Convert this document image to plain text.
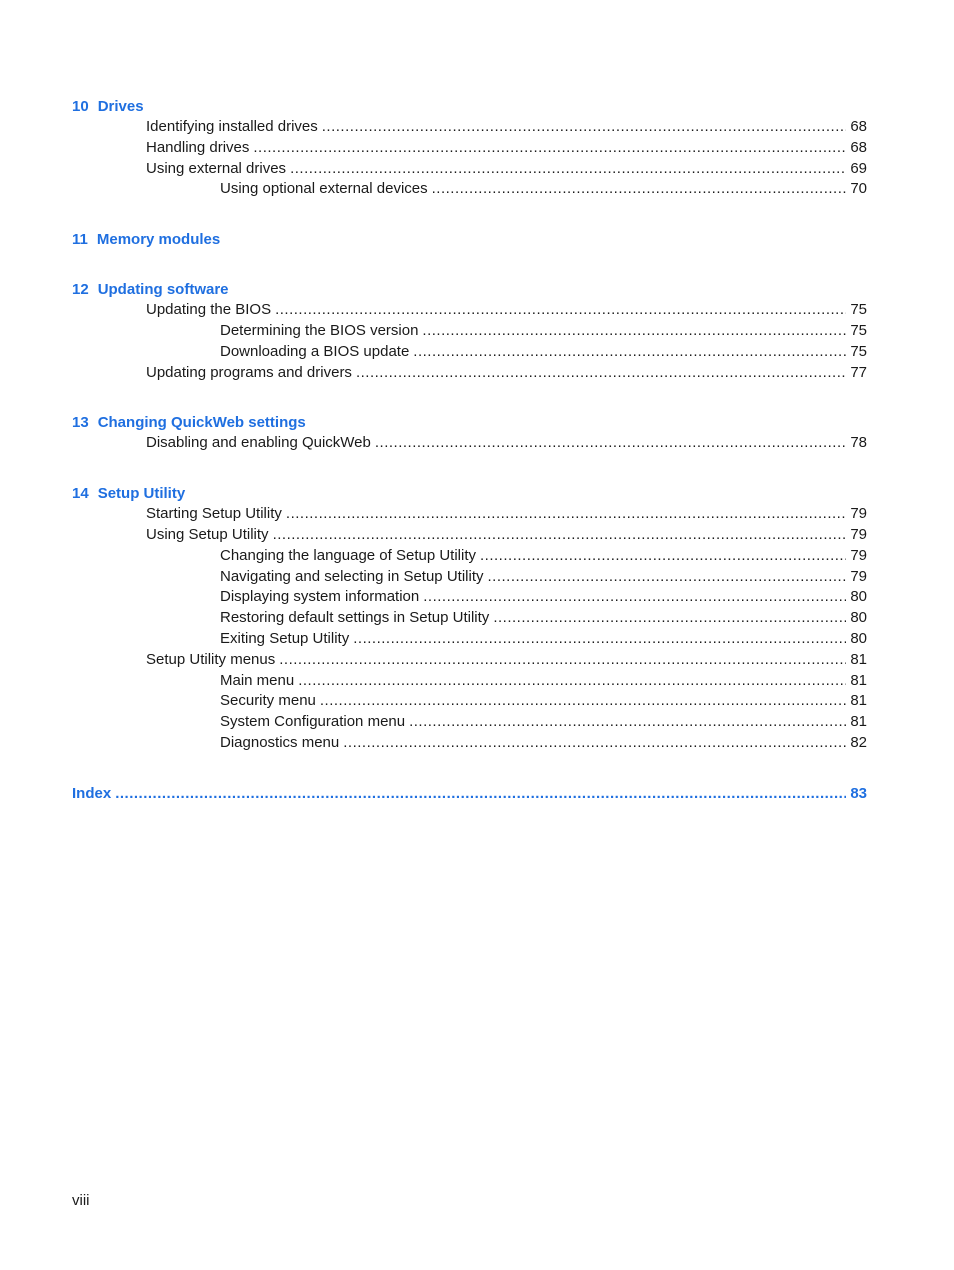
10 Drives
Identifying installed drives .....	68
Handling drives .....	68
Using external drives .....	69
Using optional external devices .....	70
11 Memory modules
12 Updating software
Updating the BIOS .....	75
Determining the BIOS version .....	75
Downloading a BIOS update .....	75
Updating programs and drivers .....	77
13 Changing QuickWeb settings
Disabling and enabling QuickWeb .....	78
14 Setup Utility
Starting Setup Utility .....	79
Using Setup Utility .....	79
Changing the language of Setup Utility .....	79
Navigating and selecting in Setup Utility .....	79
Displaying system information .....	80
Restoring default settings in Setup Utility .....	80
Exiting Setup Utility .....	80
Setup Utility menus .....	81
Main menu .....	81
Security menu .....	81
System Configuration menu .....	81
Diagnostics menu .....	82
Index .....	83
viii
